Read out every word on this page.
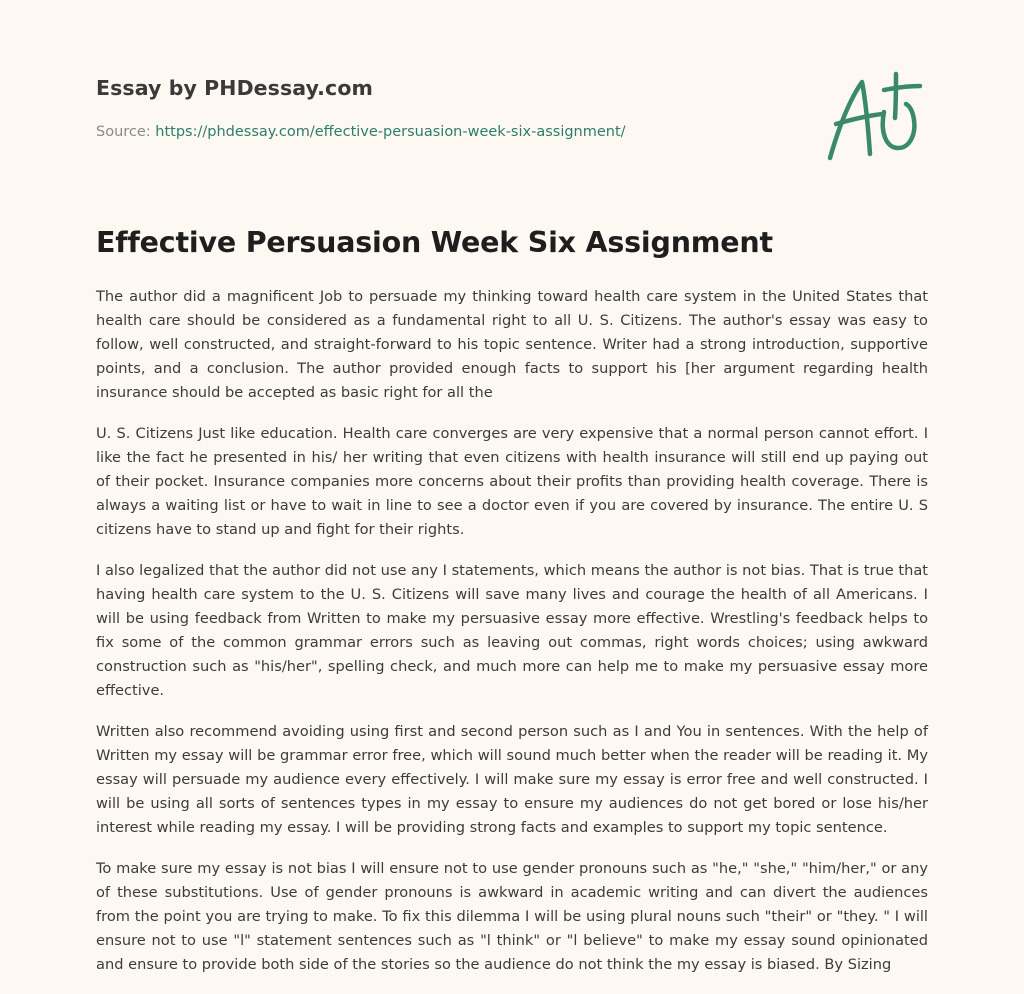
Essay by PHDessay.com
Source: https://phdessay.com/effective-persuasion-week-six-assignment/
Effective Persuasion Week Six Assignment

The author did a magnificent Job to persuade my thinking toward health care system in the United States that health care should be considered as a fundamental right to all U. S. Citizens. The author's essay was easy to follow, well constructed, and straight-forward to his topic sentence. Writer had a strong introduction, supportive points, and a conclusion. The author provided enough facts to support his [her argument regarding health insurance should be accepted as basic right for all the

U. S. Citizens Just like education. Health care converges are very expensive that a normal person cannot effort. I like the fact he presented in his/ her writing that even citizens with health insurance will still end up paying out of their pocket. Insurance companies more concerns about their profits than providing health coverage. There is always a waiting list or have to wait in line to see a doctor even if you are covered by insurance. The entire U. S citizens have to stand up and fight for their rights.

I also legalized that the author did not use any I statements, which means the author is not bias. That is true that having health care system to the U. S. Citizens will save many lives and courage the health of all Americans. I will be using feedback from Written to make my persuasive essay more effective. Wrestling's feedback helps to fix some of the common grammar errors such as leaving out commas, right words choices; using awkward construction such as "his/her", spelling check, and much more can help me to make my persuasive essay more effective.

Written also recommend avoiding using first and second person such as I and You in sentences. With the help of Written my essay will be grammar error free, which will sound much better when the reader will be reading it. My essay will persuade my audience every effectively. I will make sure my essay is error free and well constructed. I will be using all sorts of sentences types in my essay to ensure my audiences do not get bored or lose his/her interest while reading my essay. I will be providing strong facts and examples to support my topic sentence.

To make sure my essay is not bias I will ensure not to use gender pronouns such as "he," "she," "him/her," or any of these substitutions. Use of gender pronouns is awkward in academic writing and can divert the audiences from the point you are trying to make. To fix this dilemma I will be using plural nouns such "their" or "they. " I will ensure not to use "l" statement sentences such as "l think" or "l believe" to make my essay sound opinionated and ensure to provide both side of the stories so the audience do not think the my essay is biased. By Sizing
